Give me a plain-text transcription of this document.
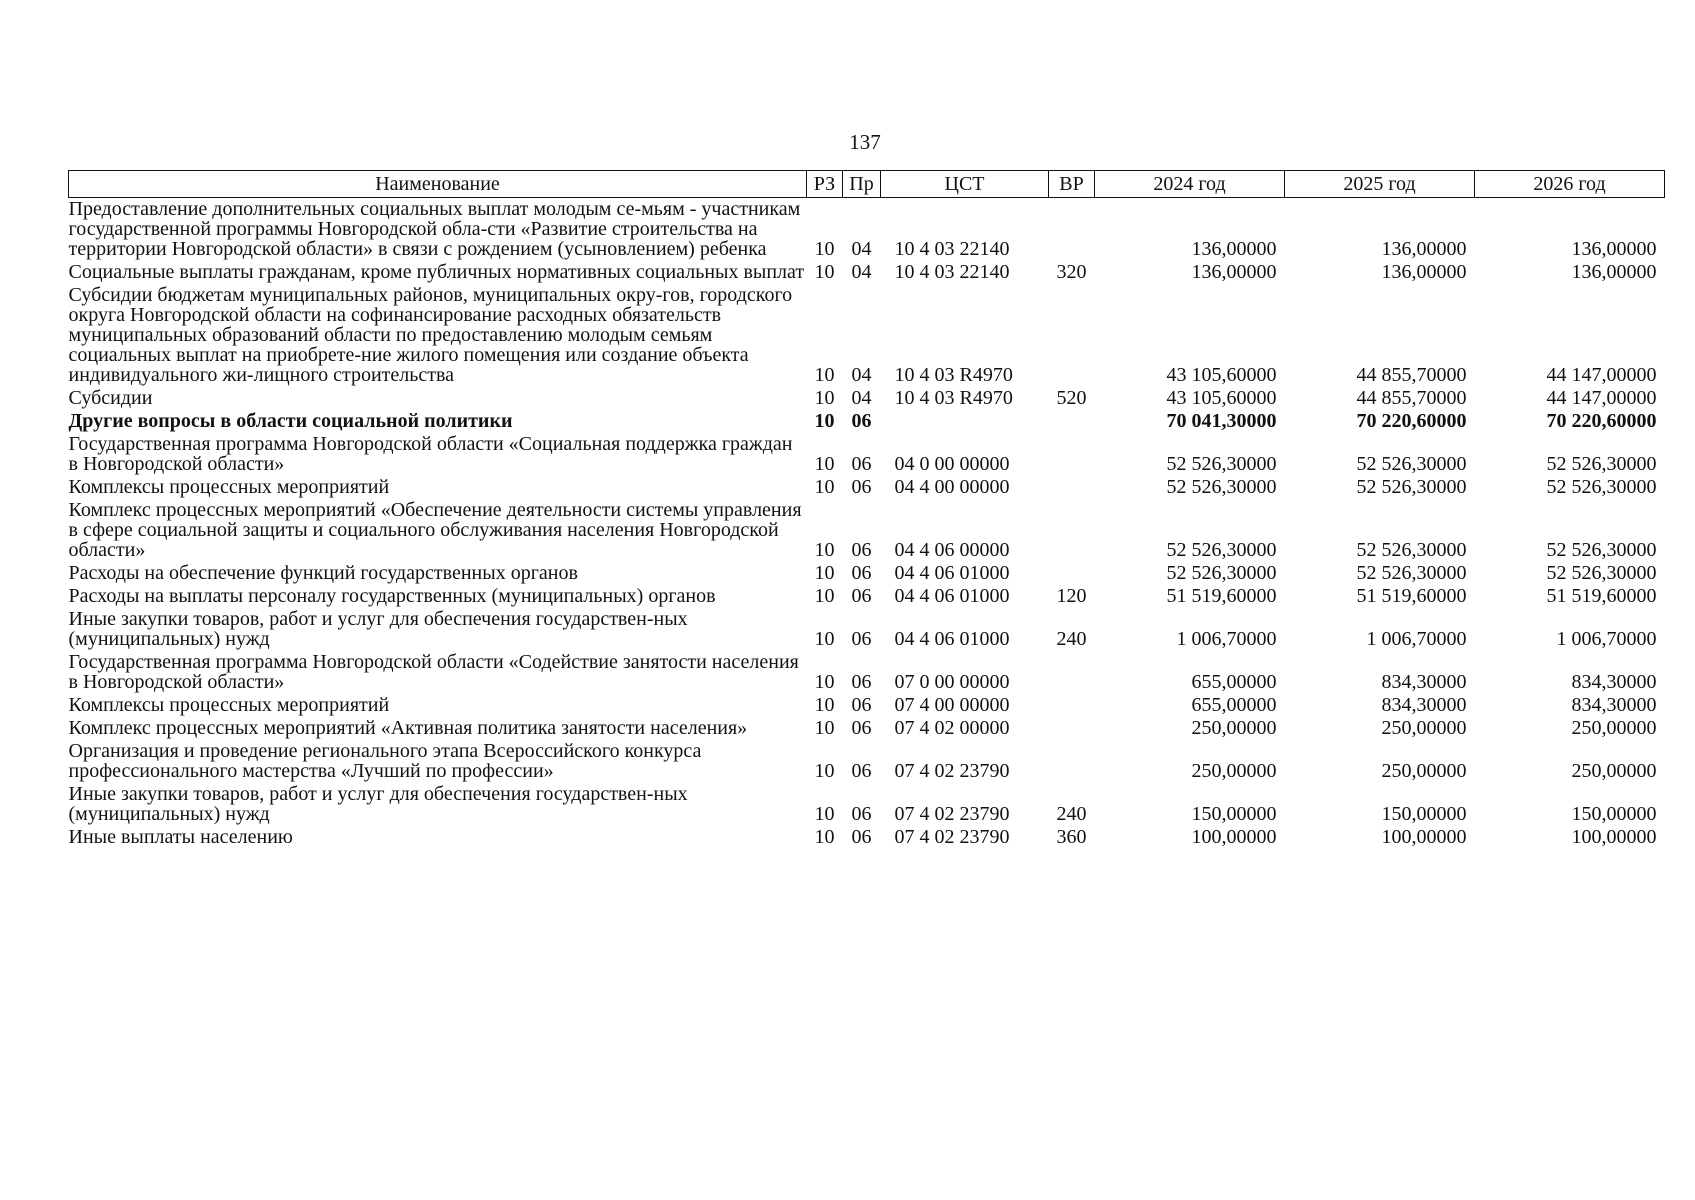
137
Наименование	РЗ	Пр	ЦСТ	ВР	2024 год	2025 год	2026 год
Предоставление дополнительных социальных выплат молодым се-мьям - участникам государственной программы Новгородской обла-сти «Развитие строительства на территории Новгородской области» в связи с рождением (усыновлением) ребенка	10	04	10 4 03 22140		136,00000	136,00000	136,00000
Социальные выплаты гражданам, кроме публичных нормативных социальных выплат	10	04	10 4 03 22140	320	136,00000	136,00000	136,00000
Субсидии бюджетам муниципальных районов, муниципальных окру-гов, городского округа Новгородской области на софинансирование расходных обязательств муниципальных образований области по предоставлению молодым семьям социальных выплат на приобрете-ние жилого помещения или создание объекта индивидуального жи-лищного строительства	10	04	10 4 03 R4970		43 105,60000	44 855,70000	44 147,00000
Субсидии	10	04	10 4 03 R4970	520	43 105,60000	44 855,70000	44 147,00000
Другие вопросы в области социальной политики	10	06			70 041,30000	70 220,60000	70 220,60000
Государственная программа Новгородской области «Социальная поддержка граждан в Новгородской области»	10	06	04 0 00 00000		52 526,30000	52 526,30000	52 526,30000
Комплексы процессных мероприятий	10	06	04 4 00 00000		52 526,30000	52 526,30000	52 526,30000
Комплекс процессных мероприятий «Обеспечение деятельности системы управления в сфере социальной защиты и социального обслуживания населения Новгородской области»	10	06	04 4 06 00000		52 526,30000	52 526,30000	52 526,30000
Расходы на обеспечение функций государственных органов	10	06	04 4 06 01000		52 526,30000	52 526,30000	52 526,30000
Расходы на выплаты персоналу государственных (муниципальных) органов	10	06	04 4 06 01000	120	51 519,60000	51 519,60000	51 519,60000
Иные закупки товаров, работ и услуг для обеспечения государствен-ных (муниципальных) нужд	10	06	04 4 06 01000	240	1 006,70000	1 006,70000	1 006,70000
Государственная программа Новгородской области «Содействие занятости населения в Новгородской области»	10	06	07 0 00 00000		655,00000	834,30000	834,30000
Комплексы процессных мероприятий	10	06	07 4 00 00000		655,00000	834,30000	834,30000
Комплекс процессных мероприятий «Активная политика занятости населения»	10	06	07 4 02 00000		250,00000	250,00000	250,00000
Организация и проведение регионального этапа Всероссийского конкурса профессионального мастерства «Лучший по профессии»	10	06	07 4 02 23790		250,00000	250,00000	250,00000
Иные закупки товаров, работ и услуг для обеспечения государствен-ных (муниципальных) нужд	10	06	07 4 02 23790	240	150,00000	150,00000	150,00000
Иные выплаты населению	10	06	07 4 02 23790	360	100,00000	100,00000	100,00000
